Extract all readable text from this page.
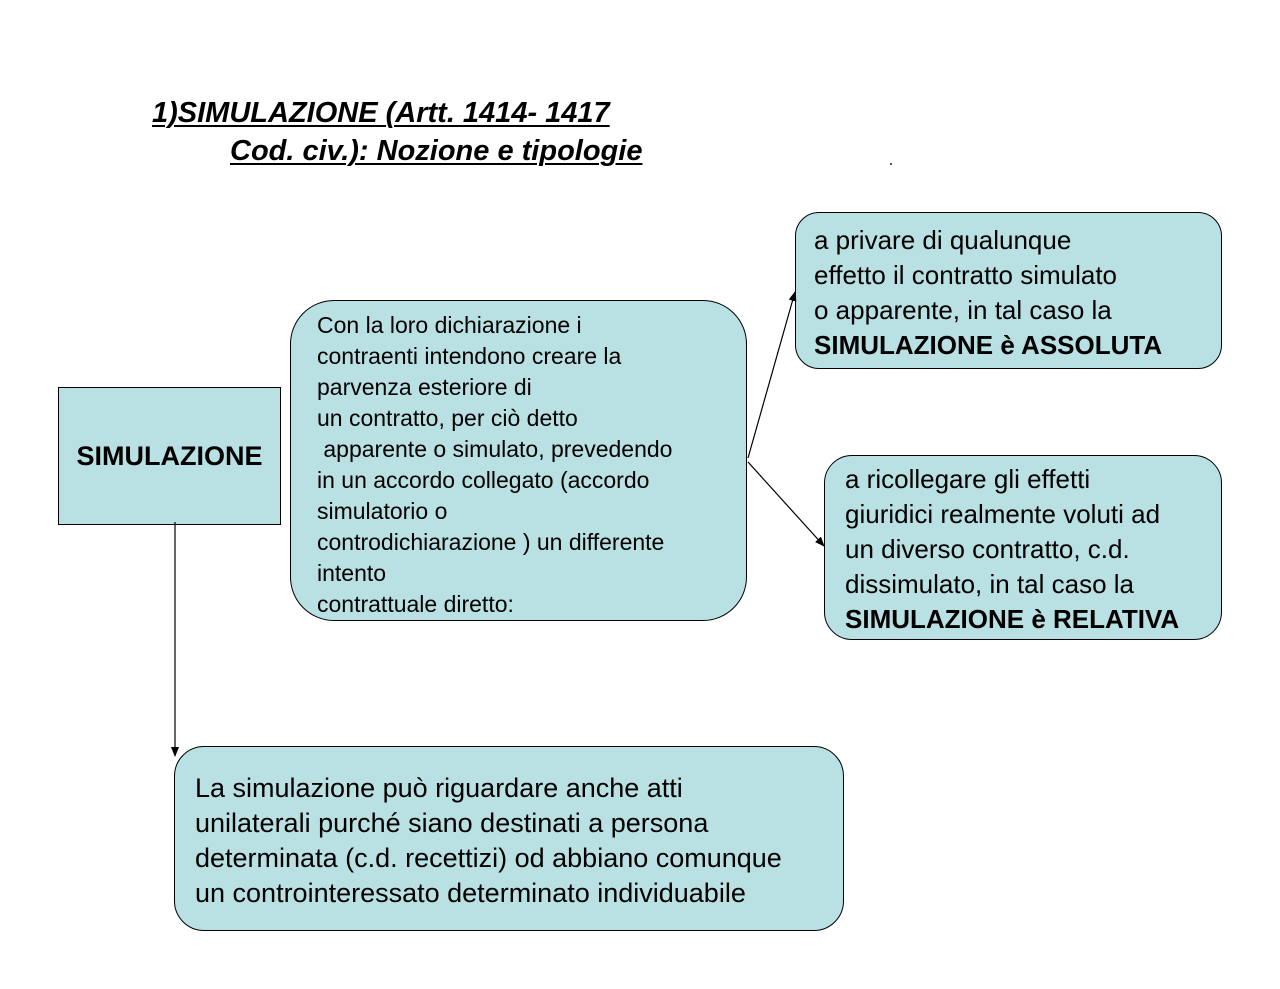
1)SIMULAZIONE (Artt. 1414- 1417
Cod. civ.): Nozione e tipologie
SIMULAZIONE
Con la loro dichiarazione i
contraenti intendono creare la
parvenza esteriore di
un contratto, per ciò detto
apparente o simulato, prevedendo
in un accordo collegato (accordo
simulatorio o
controdichiarazione ) un differente
intento
contrattuale diretto:
a privare di qualunque
effetto il contratto simulato
o apparente, in tal caso la
SIMULAZIONE è ASSOLUTA
a ricollegare gli effetti
giuridici realmente voluti ad
un diverso contratto, c.d.
dissimulato, in tal caso la
SIMULAZIONE è RELATIVA
La simulazione può riguardare anche atti
unilaterali purché siano destinati a persona
determinata (c.d. recettizi) od abbiano comunque
un controinteressato determinato individuabile
